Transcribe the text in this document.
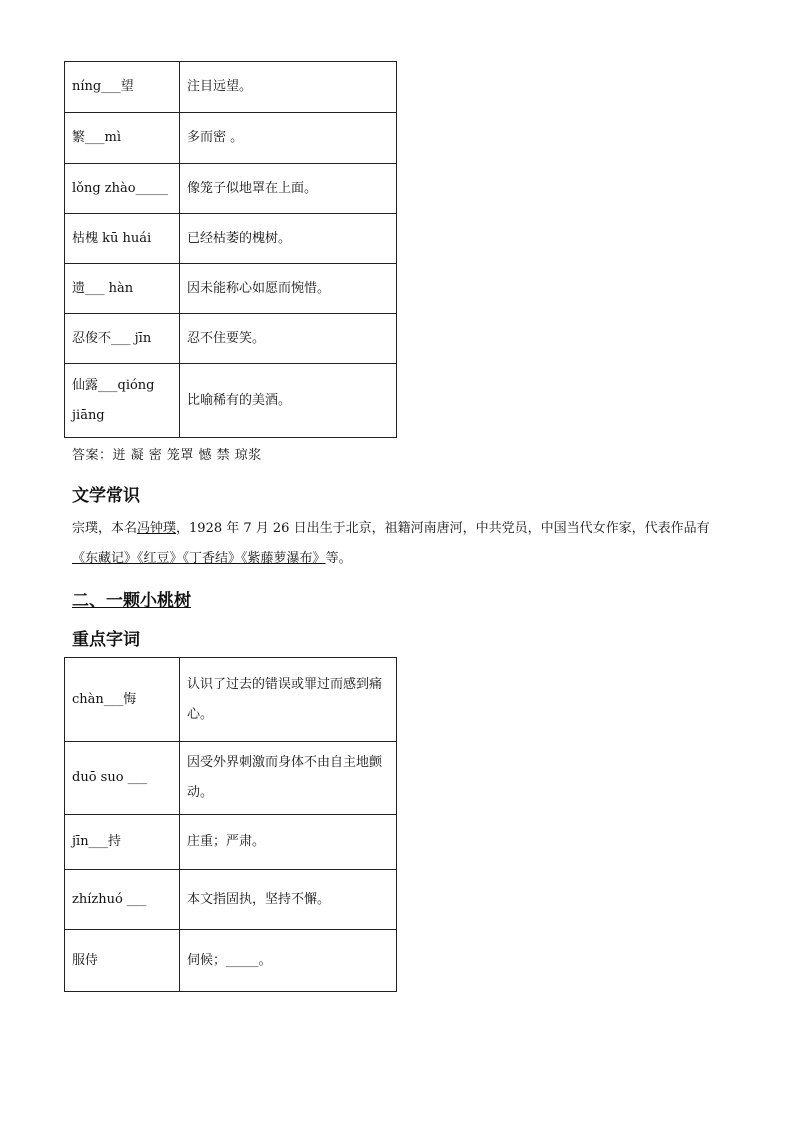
níng___望	注目远望。
繁___mì	多而密 。
lǒng zhào_____	像笼子似地罩在上面。
枯槐 kū huái	已经枯萎的槐树。
遗___ hàn	因未能称心如愿而惋惜。
忍俊不___ jīn	忍不住要笑。
仙露___qióng jiāng	比喻稀有的美酒。
答案：迸 凝 密 笼罩 憾 禁 琼浆
文学常识
宗璞，本名冯钟璞，1928 年 7 月 26 日出生于北京，祖籍河南唐河，中共党员，中国当代女作家，代表作品有《东藏记》《红豆》《丁香结》《紫藤萝瀑布》等。
二、一颗小桃树
重点字词
chàn___悔	认识了过去的错误或罪过而感到痛心。
duō suo ___	因受外界刺激而身体不由自主地颤动。
jīn___持	庄重；严肃。
zhízhuó ___	本文指固执，坚持不懈。
服侍	伺候；_____。
